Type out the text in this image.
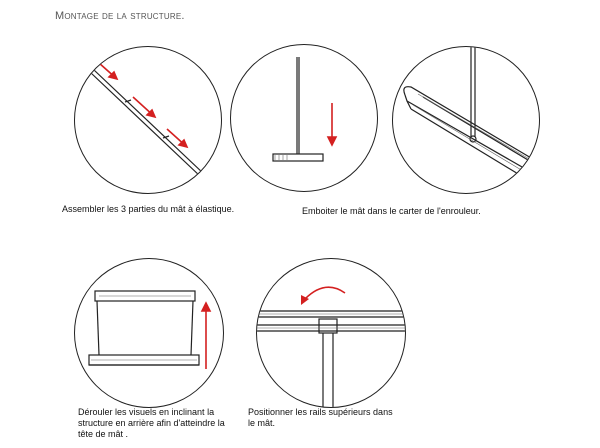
Montage de la structure.
Assembler les 3 parties du mât à élastique.	Emboiter le mât dans le carter de l'enrouleur.
Dérouler les visuels en inclinant la structure en arrière afin d'atteindre la tête de mât .
Positionner les rails supérieurs dans le mât.
